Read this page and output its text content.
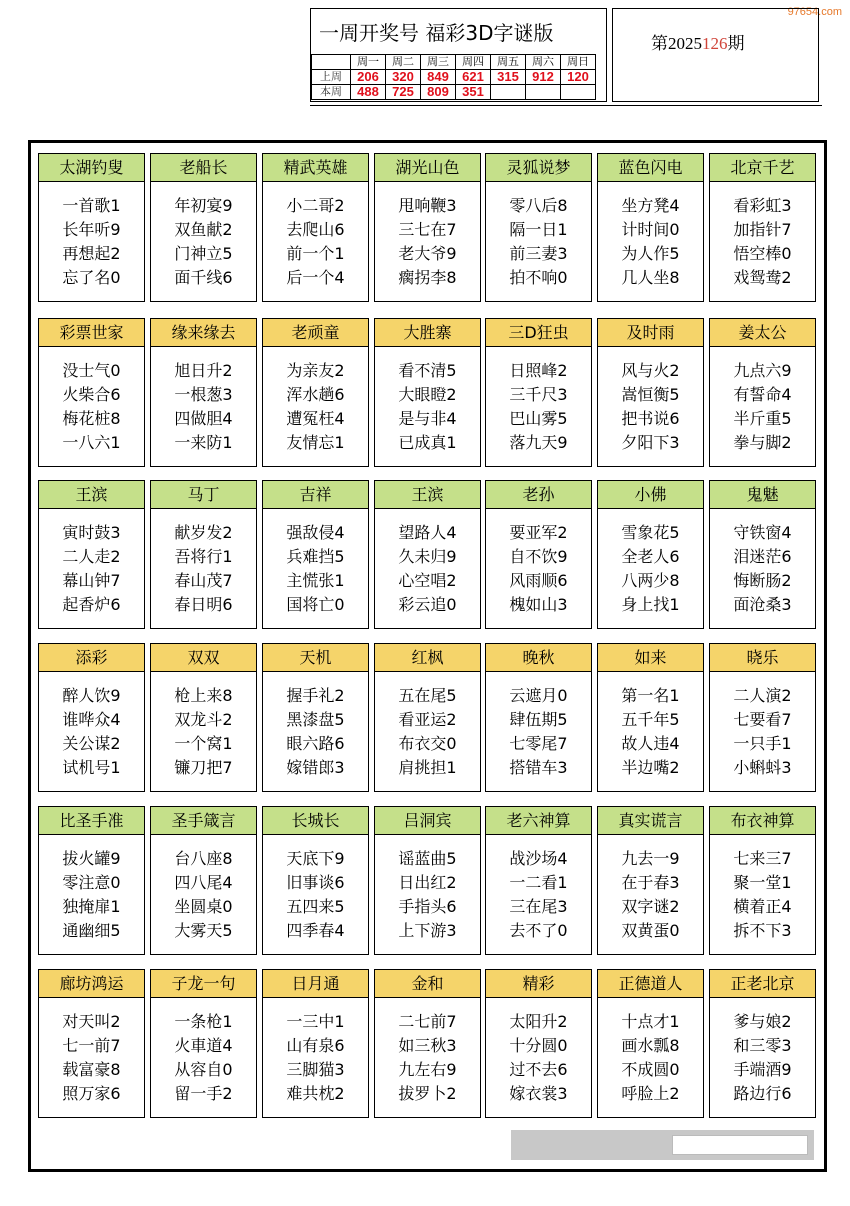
97654.com
一周开奖号 福彩3D字谜版
	周一	周二	周三	周四	周五	周六	周日
上周	206	320	849	621	315	912	120
本周	488	725	809	351			
第2025126期
太湖钓叟
一首歌1
长年听9
再想起2
忘了名0
老船长
年初宴9
双鱼献2
门神立5
面千线6
精武英雄
小二哥2
去爬山6
前一个1
后一个4
湖光山色
甩响鞭3
三七在7
老大爷9
瘸拐李8
灵狐说梦
零八后8
隔一日1
前三妻3
拍不响0
蓝色闪电
坐方凳4
计时间0
为人作5
几人坐8
北京千艺
看彩虹3
加指针7
悟空棒0
戏鸳鸯2
彩票世家
没士气0
火柴合6
梅花桩8
一八六1
缘来缘去
旭日升2
一根葱3
四做胆4
一来防1
老顽童
为亲友2
浑水趟6
遭冤枉4
友情忘1
大胜寨
看不清5
大眼瞪2
是与非4
已成真1
三D狂虫
日照峰2
三千尺3
巴山雾5
落九天9
及时雨
风与火2
嵩恒衡5
把书说6
夕阳下3
姜太公
九点六9
有誓命4
半斤重5
拳与脚2
王滨
寅时鼓3
二人走2
幕山钟7
起香炉6
马丁
献岁发2
吾将行1
春山茂7
春日明6
吉祥
强敌侵4
兵难挡5
主慌张1
国将亡0
王滨
望路人4
久未归9
心空唱2
彩云追0
老孙
要亚军2
自不饮9
风雨顺6
槐如山3
小佛
雪象花5
全老人6
八两少8
身上找1
鬼魅
守铁窗4
泪迷茫6
悔断肠2
面沧桑3
添彩
醉人饮9
谁哗众4
关公谋2
试机号1
双双
枪上来8
双龙斗2
一个窝1
镰刀把7
天机
握手礼2
黑漆盘5
眼六路6
嫁错郎3
红枫
五在尾5
看亚运2
布衣交0
肩挑担1
晚秋
云遮月0
肆伍期5
七零尾7
搭错车3
如来
第一名1
五千年5
故人违4
半边嘴2
晓乐
二人演2
七要看7
一只手1
小蝌蚪3
比圣手准
拔火罐9
零注意0
独掩扉1
通幽细5
圣手箴言
台八座8
四八尾4
坐圆桌0
大雾天5
长城长
天底下9
旧事谈6
五四来5
四季春4
吕洞宾
谣蓝曲5
日出红2
手指头6
上下游3
老六神算
战沙场4
一二看1
三在尾3
去不了0
真实谎言
九去一9
在于春3
双字谜2
双黄蛋0
布衣神算
七来三7
聚一堂1
横着正4
拆不下3
廊坊鸿运
对天叫2
七一前7
载富豪8
照万家6
子龙一句
一条枪1
火車道4
从容自0
留一手2
日月通
一三中1
山有泉6
三脚猫3
难共枕2
金和
二七前7
如三秋3
九左右9
拔罗卜2
精彩
太阳升2
十分圆0
过不去6
嫁衣裳3
正德道人
十点才1
画水瓢8
不成圆0
呼脸上2
正老北京
爹与娘2
和三零3
手端酒9
路边行6
